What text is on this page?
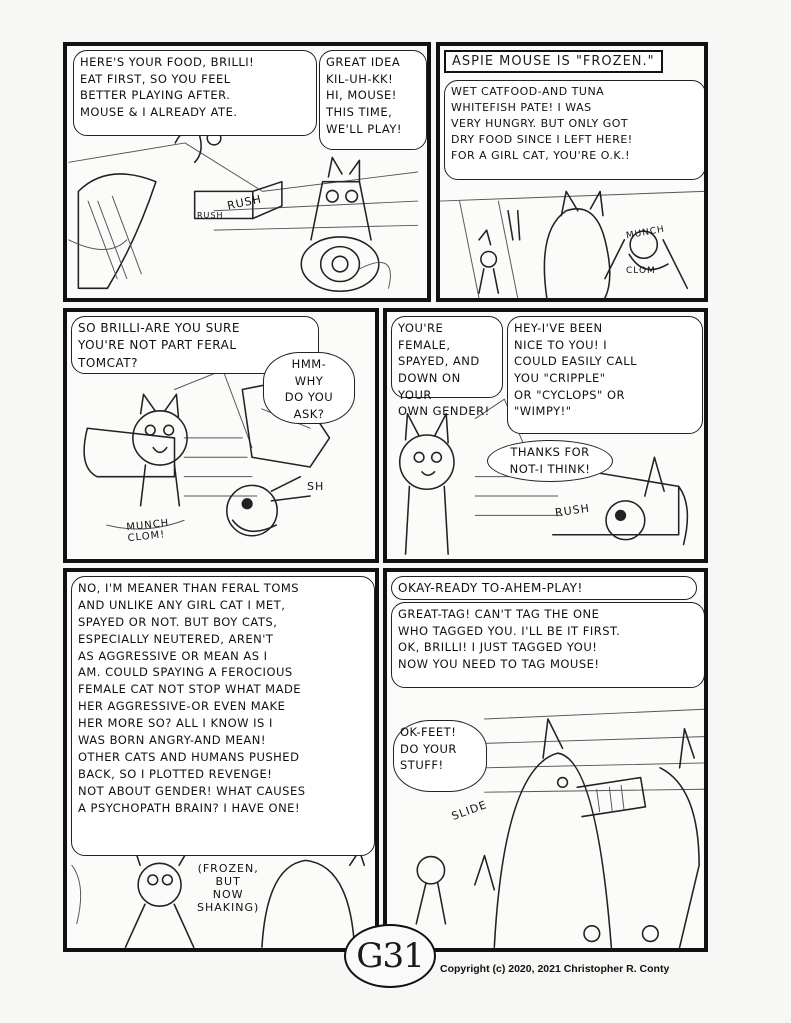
HERE'S YOUR FOOD, BRILLI!
EAT FIRST, SO YOU FEEL
BETTER PLAYING AFTER.
MOUSE & I ALREADY ATE.
GREAT IDEA
KIL-UH-KK!
HI, MOUSE!
THIS TIME,
WE'LL PLAY!
RUSH
RUSH
ASPIE MOUSE IS "FROZEN."
WET CATFOOD-AND TUNA
WHITEFISH PATE! I WAS
VERY HUNGRY. BUT ONLY GOT
DRY FOOD SINCE I LEFT HERE!
FOR A GIRL CAT, YOU'RE O.K.!
MUNCH
CLOM
SO BRILLI-ARE YOU SURE
YOU'RE NOT PART FERAL
TOMCAT?	HMM-
WHY
DO YOU
ASK?
MUNCH
CLOM!
SH
YOU'RE FEMALE,
SPAYED, AND
DOWN ON YOUR
OWN GENDER!
HEY-I'VE BEEN
NICE TO YOU! I
COULD EASILY CALL
YOU "CRIPPLE"
OR "CYCLOPS" OR
"WIMPY!"
THANKS FOR
NOT-I THINK!
RUSH
NO, I'M MEANER THAN FERAL TOMS
AND UNLIKE ANY GIRL CAT I MET,
SPAYED OR NOT. BUT BOY CATS,
ESPECIALLY NEUTERED, AREN'T
AS AGGRESSIVE OR MEAN AS I
AM. COULD SPAYING A FEROCIOUS
FEMALE CAT NOT STOP WHAT MADE
HER AGGRESSIVE-OR EVEN MAKE
HER MORE SO? ALL I KNOW IS I
WAS BORN ANGRY-AND MEAN!
OTHER CATS AND HUMANS PUSHED
BACK, SO I PLOTTED REVENGE!
NOT ABOUT GENDER! WHAT CAUSES
A PSYCHOPATH BRAIN? I HAVE ONE!
(FROZEN,
BUT
NOW
SHAKING)
OKAY-READY TO-AHEM-PLAY!
GREAT-TAG! CAN'T TAG THE ONE
WHO TAGGED YOU. I'LL BE IT FIRST.
OK, BRILLI! I JUST TAGGED YOU!
NOW YOU NEED TO TAG MOUSE!
OK-FEET!
DO YOUR
STUFF!
SLIDE
G31	Copyright (c) 2020, 2021 Christopher R. Conty
